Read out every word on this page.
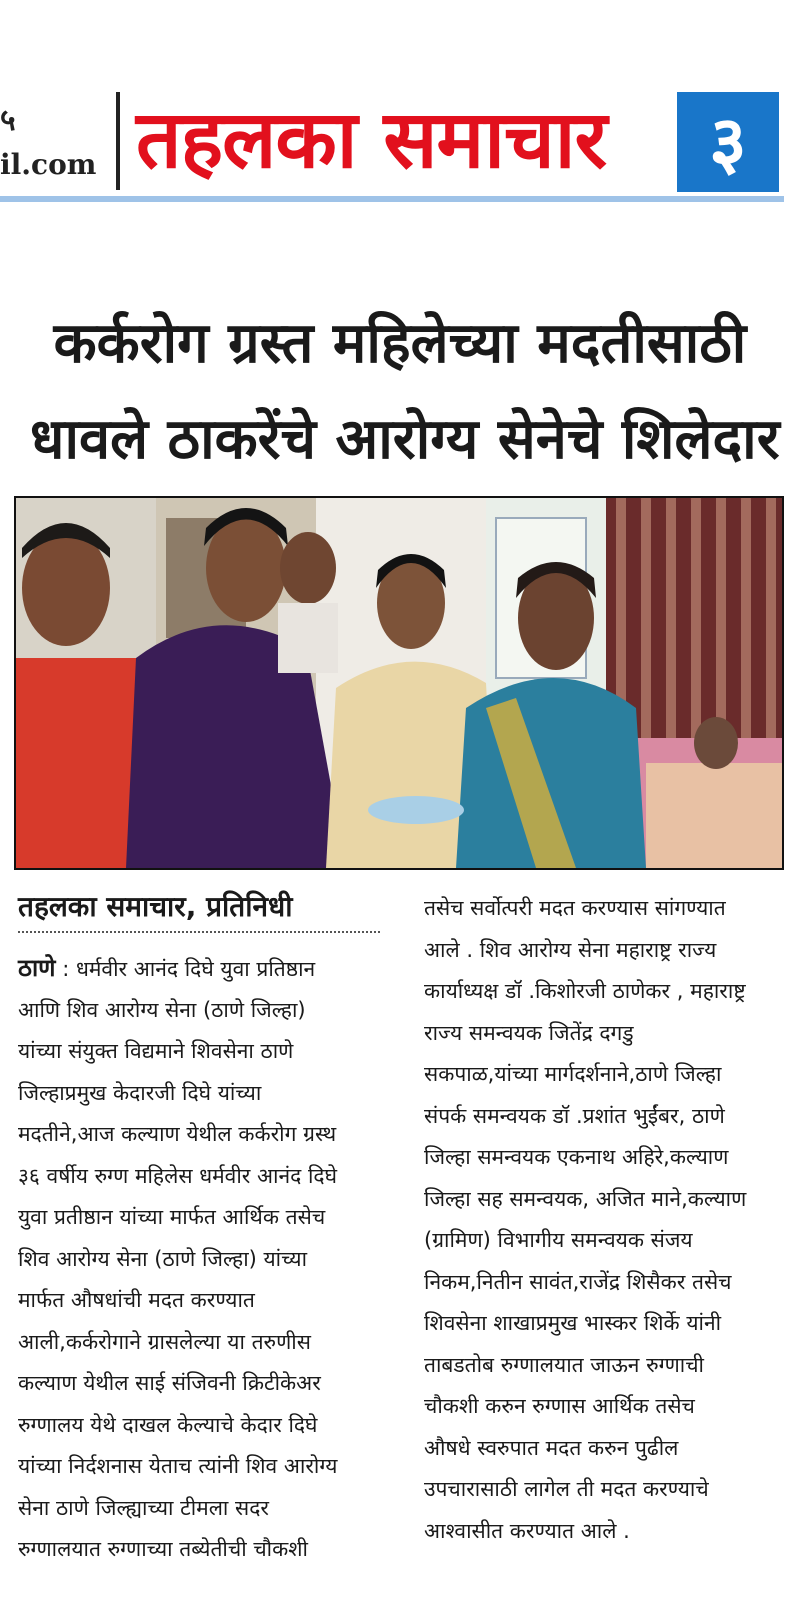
५
il.com तहलका समाचार	३
कर्करोग ग्रस्त महिलेच्या मदतीसाठी
धावले ठाकरेंचे आरोग्य सेनेचे शिलेदार
तहलका समाचार, प्रतिनिधी
ठाणे : धर्मवीर आनंद दिघे युवा प्रतिष्ठान
आणि शिव आरोग्य सेना (ठाणे जिल्हा)
यांच्या संयुक्त विद्यमाने शिवसेना ठाणे
जिल्हाप्रमुख केदारजी दिघे यांच्या
मदतीने,आज कल्याण येथील कर्करोग ग्रस्थ
३६ वर्षीय रुग्ण महिलेस धर्मवीर आनंद दिघे
युवा प्रतीष्ठान यांच्या मार्फत आर्थिक तसेच
शिव आरोग्य सेना (ठाणे जिल्हा) यांच्या
मार्फत औषधांची मदत करण्यात
आली,कर्करोगाने ग्रासलेल्या या तरुणीस
कल्याण येथील साई संजिवनी क्रिटीकेअर
रुग्णालय येथे दाखल केल्याचे केदार दिघे
यांच्या निर्दशनास येताच त्यांनी शिव आरोग्य
सेना ठाणे जिल्ह्याच्या टीमला सदर
रुग्णालयात रुग्णाच्या तब्येतीची चौकशी
तसेच सर्वोत्परी मदत करण्यास सांगण्यात
आले . शिव आरोग्य सेना महाराष्ट्र राज्य
कार्याध्यक्ष डॉ .किशोरजी ठाणेकर , महाराष्ट्र
राज्य समन्वयक जितेंद्र दगडु
सकपाळ,यांच्या मार्गदर्शनाने,ठाणे जिल्हा
संपर्क समन्वयक डॉ .प्रशांत भुईंबर, ठाणे
जिल्हा समन्वयक एकनाथ अहिरे,कल्याण
जिल्हा सह समन्वयक, अजित माने,कल्याण
(ग्रामिण) विभागीय समन्वयक संजय
निकम,नितीन सावंत,राजेंद्र शिसैकर तसेच
शिवसेना शाखाप्रमुख भास्कर शिर्के यांनी
ताबडतोब रुग्णालयात जाऊन रुग्णाची
चौकशी करुन रुग्णास आर्थिक तसेच
औषधे स्वरुपात मदत करुन पुढील
उपचारासाठी लागेल ती मदत करण्याचे
आश्वासीत करण्यात आले .
